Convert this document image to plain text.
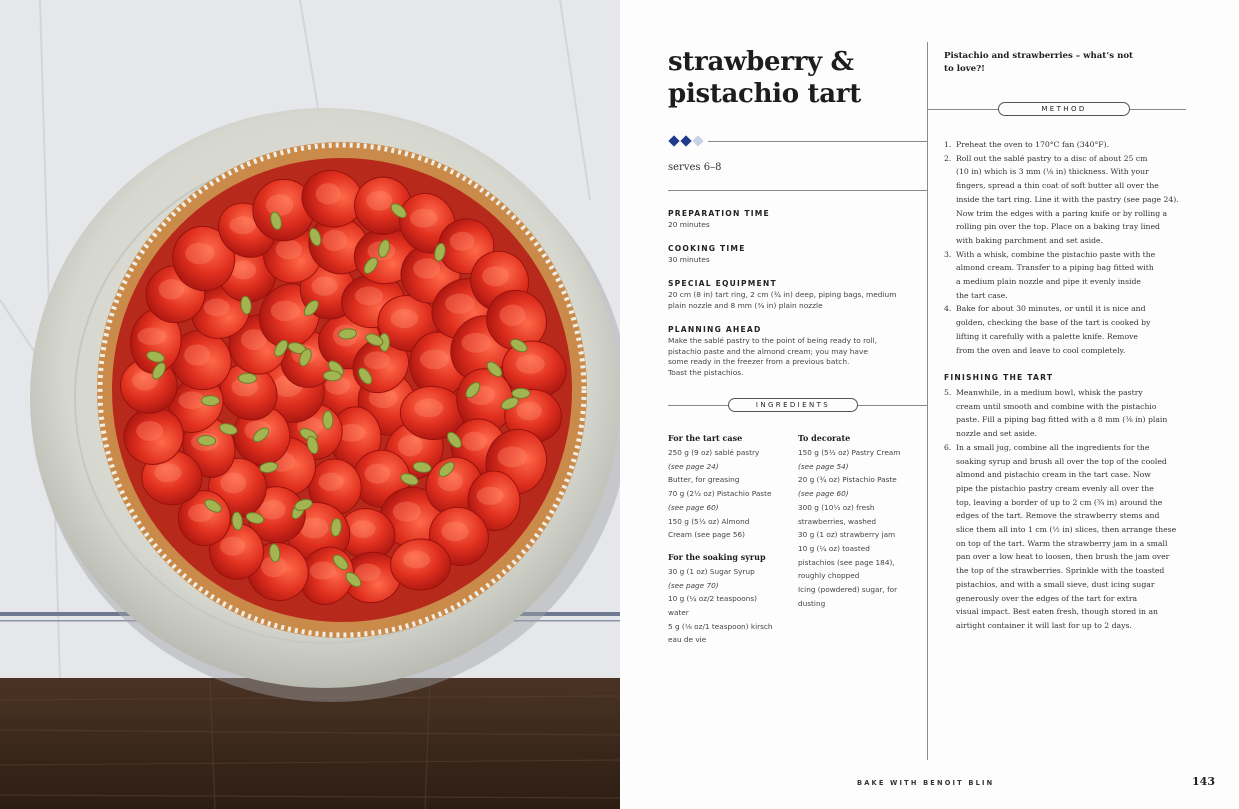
strawberry &
pistachio tart
serves 6–8
PREPARATION TIME

20 minutes

COOKING TIME

30 minutes

SPECIAL EQUIPMENT

20 cm (8 in) tart ring, 2 cm (¾ in) deep, piping bags, medium
plain nozzle and 8 mm (⅜ in) plain nozzle

PLANNING AHEAD

Make the sablé pastry to the point of being ready to roll,
pistachio paste and the almond cream; you may have
some ready in the freezer from a previous batch.
Toast the pistachios.

INGREDIENTS
For the tart case
250 g (9 oz) sablé pastry
(see page 24)
Butter, for greasing
70 g (2½ oz) Pistachio Paste
(see page 60)
150 g (5½ oz) Almond
Cream (see page 56)
For the soaking syrup
30 g (1 oz) Sugar Syrup
(see page 70)
10 g (¼ oz/2 teaspoons)
water
5 g (⅛ oz/1 teaspoon) kirsch
eau de vie
To decorate
150 g (5½ oz) Pastry Cream
(see page 54)
20 g (¾ oz) Pistachio Paste
(see page 60)
300 g (10½ oz) fresh
strawberries, washed
30 g (1 oz) strawberry jam
10 g (¼ oz) toasted
pistachios (see page 184),
roughly chopped
Icing (powdered) sugar, for
dusting

Pistachio and strawberries – what’s not
to love?!

METHOD
1. Preheat the oven to 170°C fan (340°F).
2. Roll out the sablé pastry to a disc of about 25 cm
(10 in) which is 3 mm (⅛ in) thickness. With your
fingers, spread a thin coat of soft butter all over the
inside the tart ring. Line it with the pastry (see page 24).
Now trim the edges with a paring knife or by rolling a
rolling pin over the top. Place on a baking tray lined
with baking parchment and set aside.
3. With a whisk, combine the pistachio paste with the
almond cream. Transfer to a piping bag fitted with
a medium plain nozzle and pipe it evenly inside
the tart case.
4. Bake for about 30 minutes, or until it is nice and
golden, checking the base of the tart is cooked by
lifting it carefully with a palette knife. Remove
from the oven and leave to cool completely.
FINISHING THE TART
5. Meanwhile, in a medium bowl, whisk the pastry
cream until smooth and combine with the pistachio
paste. Fill a piping bag fitted with a 8 mm (⅜ in) plain
nozzle and set aside.
6. In a small jug, combine all the ingredients for the
soaking syrup and brush all over the top of the cooled
almond and pistachio cream in the tart case. Now
pipe the pistachio pastry cream evenly all over the
top, leaving a border of up to 2 cm (¾ in) around the
edges of the tart. Remove the strawberry stems and
slice them all into 1 cm (½ in) slices, then arrange these
on top of the tart. Warm the strawberry jam in a small
pan over a low heat to loosen, then brush the jam over
the top of the strawberries. Sprinkle with the toasted
pistachios, and with a small sieve, dust icing sugar
generously over the edges of the tart for extra
visual impact. Best eaten fresh, though stored in an
airtight container it will last for up to 2 days.
BAKE WITH BENOIT BLIN	143
